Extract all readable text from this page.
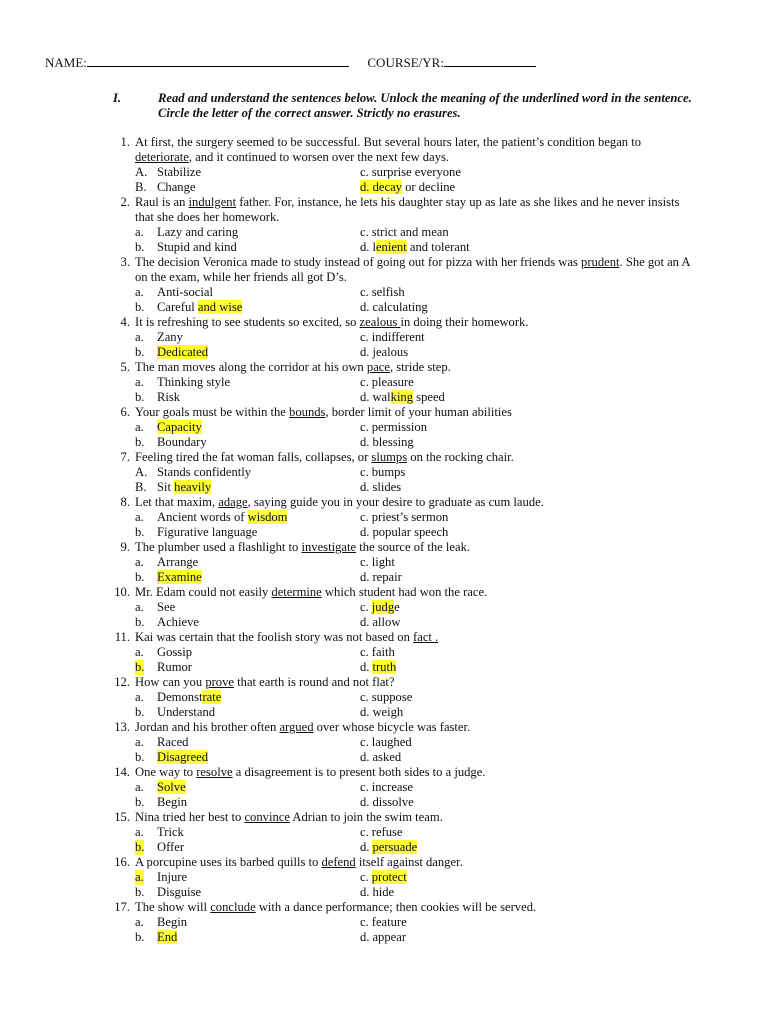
NAME:	COURSE/YR:
I.	Read and understand the sentences below. Unlock the meaning of the underlined word in the sentence. Circle the letter of the correct answer. Strictly no erasures.
1. At first, the surgery seemed to be successful. But several hours later, the patient’s condition began to deteriorate, and it continued to worsen over the next few days.
A. Stabilize	c. surprise everyone
B. Change	d. decay or decline
2. Raul is an indulgent father. For, instance, he lets his daughter stay up as late as she likes and he never insists that she does her homework.
a. Lazy and caring	c. strict and mean
b. Stupid and kind	d. lenient and tolerant
3. The decision Veronica made to study instead of going out for pizza with her friends was prudent. She got an A on the exam, while her friends all got D’s.
a. Anti-social	c. selfish
b. Careful and wise	d. calculating
4. It is refreshing to see students so excited, so zealous in doing their homework.
a. Zany	c. indifferent
b. Dedicated	d. jealous
5. The man moves along the corridor at his own pace, stride step.
a. Thinking style	c. pleasure
b. Risk	d. walking speed
6. Your goals must be within the bounds, border limit of your human abilities
a. Capacity	c. permission
b. Boundary	d. blessing
7. Feeling tired the fat woman falls, collapses, or slumps on the rocking chair.
A. Stands confidently	c. bumps
B. Sit heavily	d. slides
8. Let that maxim, adage, saying guide you in your desire to graduate as cum laude.
a. Ancient words of wisdom	c. priest’s sermon
b. Figurative language	d. popular speech
9. The plumber used a flashlight to investigate the source of the leak.
a. Arrange	c. light
b. Examine	d. repair
10. Mr. Edam could not easily determine which student had won the race.
a. See	c. judge
b. Achieve	d. allow
11. Kai was certain that the foolish story was not based on fact .
a. Gossip	c. faith
b. Rumor	d. truth
12. How can you prove that earth is round and not flat?
a. Demonstrate	c. suppose
b. Understand	d. weigh
13. Jordan and his brother often argued over whose bicycle was faster.
a. Raced	c. laughed
b. Disagreed	d. asked
14. One way to resolve a disagreement is to present both sides to a judge.
a. Solve	c. increase
b. Begin	d. dissolve
15. Nina tried her best to convince Adrian to join the swim team.
a. Trick	c. refuse
b. Offer	d. persuade
16. A porcupine uses its barbed quills to defend itself against danger.
a. Injure	c. protect
b. Disguise	d. hide
17. The show will conclude with a dance performance; then cookies will be served.
a. Begin	c. feature
b. End	d. appear
